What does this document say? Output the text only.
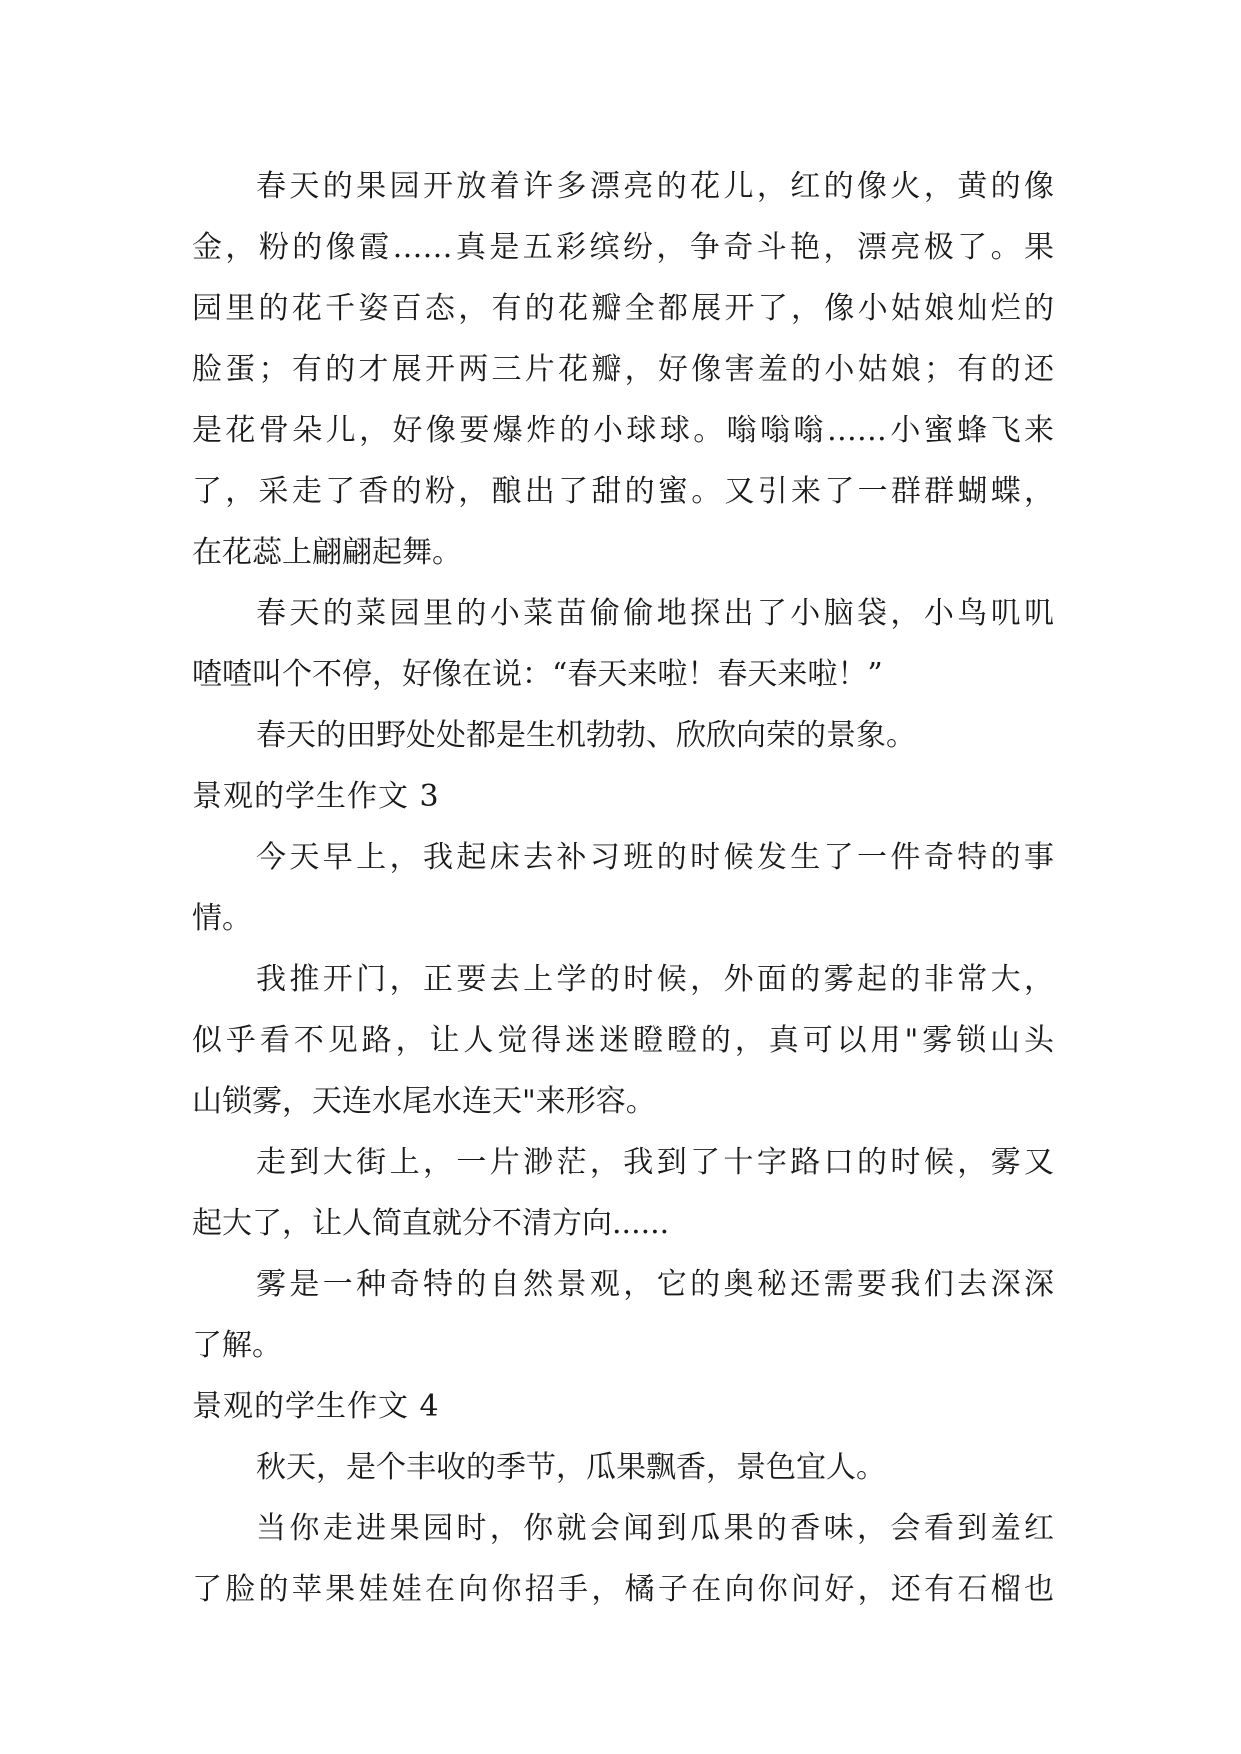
春天的果园开放着许多漂亮的花儿，红的像火，黄的像
金，粉的像霞……真是五彩缤纷，争奇斗艳，漂亮极了。果
园里的花千姿百态，有的花瓣全都展开了，像小姑娘灿烂的
脸蛋；有的才展开两三片花瓣，好像害羞的小姑娘；有的还
是花骨朵儿，好像要爆炸的小球球。嗡嗡嗡……小蜜蜂飞来
了，采走了香的粉，酿出了甜的蜜。又引来了一群群蝴蝶，
在花蕊上翩翩起舞。
春天的菜园里的小菜苗偷偷地探出了小脑袋，小鸟叽叽
喳喳叫个不停，好像在说：“春天来啦！春天来啦！”
春天的田野处处都是生机勃勃、欣欣向荣的景象。
景观的学生作文 3
今天早上，我起床去补习班的时候发生了一件奇特的事
情。
我推开门，正要去上学的时候，外面的雾起的非常大，
似乎看不见路，让人觉得迷迷瞪瞪的，真可以用"雾锁山头
山锁雾，天连水尾水连天"来形容。
走到大街上，一片渺茫，我到了十字路口的时候，雾又
起大了，让人简直就分不清方向......
雾是一种奇特的自然景观，它的奥秘还需要我们去深深
了解。
景观的学生作文 4
秋天，是个丰收的季节，瓜果飘香，景色宜人。
当你走进果园时，你就会闻到瓜果的香味，会看到羞红
了脸的苹果娃娃在向你招手，橘子在向你问好，还有石榴也
